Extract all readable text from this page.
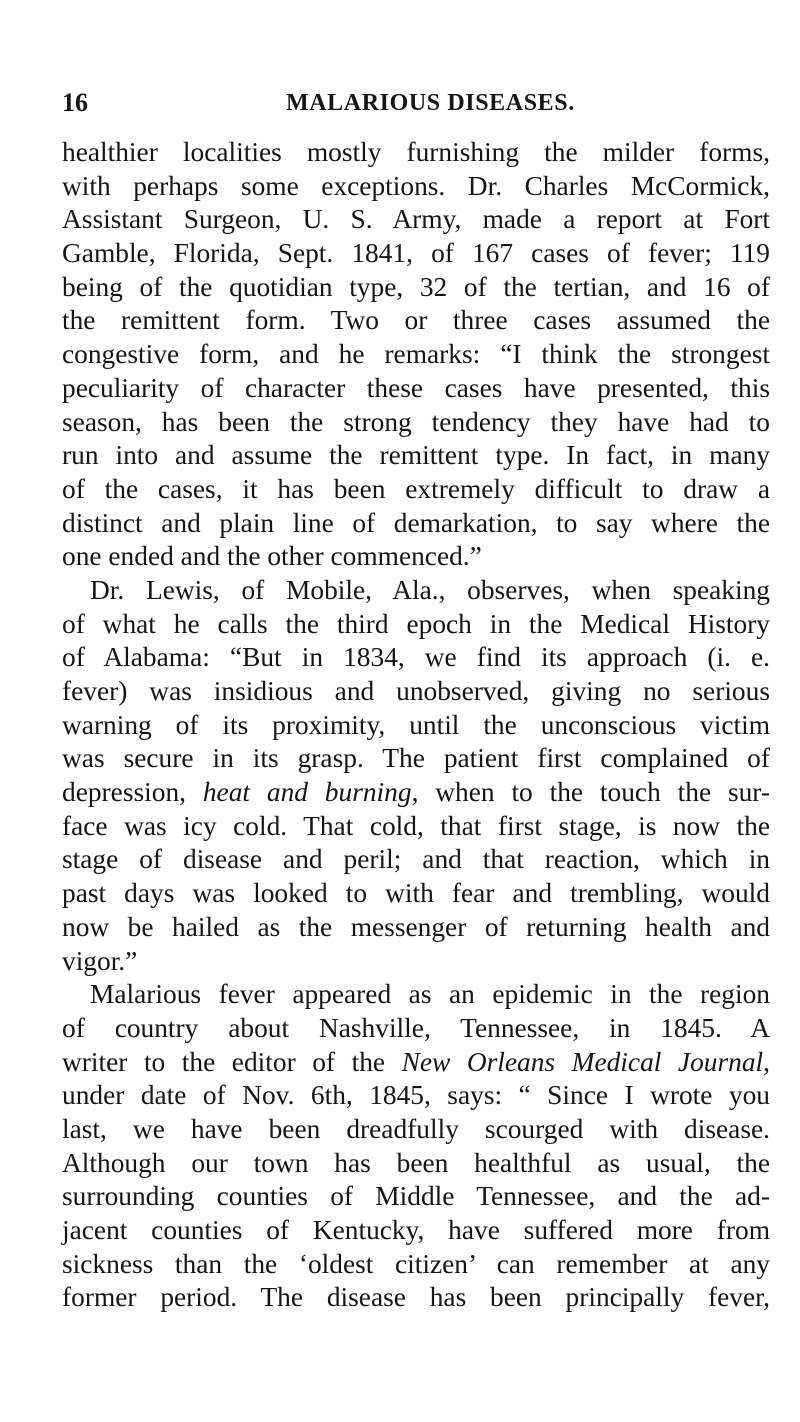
16	MALARIOUS DISEASES.
healthier localities mostly furnishing the milder forms,
with perhaps some exceptions. Dr. Charles McCormick,
Assistant Surgeon, U. S. Army, made a report at Fort
Gamble, Florida, Sept. 1841, of 167 cases of fever; 119
being of the quotidian type, 32 of the tertian, and 16 of
the remittent form. Two or three cases assumed the
congestive form, and he remarks: “I think the strongest
peculiarity of character these cases have presented, this
season, has been the strong tendency they have had to
run into and assume the remittent type. In fact, in many
of the cases, it has been extremely difficult to draw a
distinct and plain line of demarkation, to say where the
one ended and the other commenced.”
Dr. Lewis, of Mobile, Ala., observes, when speaking
of what he calls the third epoch in the Medical History
of Alabama: “But in 1834, we find its approach (i. e.
fever) was insidious and unobserved, giving no serious
warning of its proximity, until the unconscious victim
was secure in its grasp. The patient first complained of
depression, heat and burning, when to the touch the sur-
face was icy cold. That cold, that first stage, is now the
stage of disease and peril; and that reaction, which in
past days was looked to with fear and trembling, would
now be hailed as the messenger of returning health and
vigor.”
Malarious fever appeared as an epidemic in the region
of country about Nashville, Tennessee, in 1845. A
writer to the editor of the New Orleans Medical Journal,
under date of Nov. 6th, 1845, says: “ Since I wrote you
last, we have been dreadfully scourged with disease.
Although our town has been healthful as usual, the
surrounding counties of Middle Tennessee, and the ad-
jacent counties of Kentucky, have suffered more from
sickness than the ‘oldest citizen’ can remember at any
former period. The disease has been principally fever,
